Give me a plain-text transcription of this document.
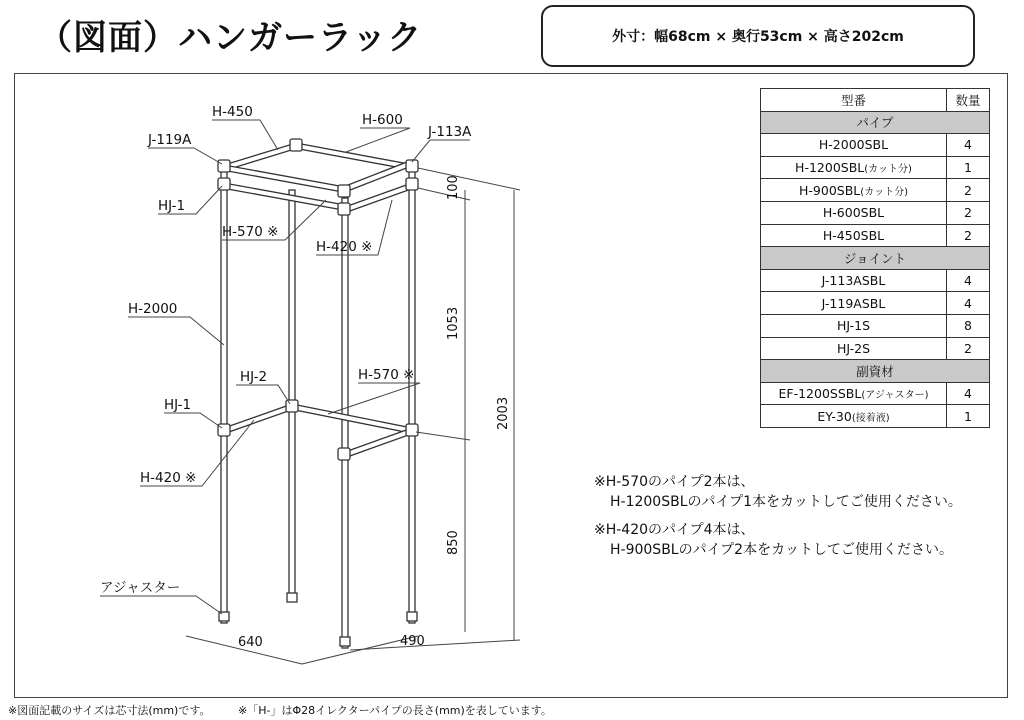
（図面）ハンガーラック	外寸：幅68cm × 奥行53cm × 高さ202cm
H-450	H-600
J-119A	J-113A
HJ-1
H-570 ※
H-420 ※
H-2000
HJ-2	H-570 ※
HJ-1
H-420 ※
アジャスター
100
1053
2003
850
640	490
型番	数量
パイプ	
H-2000SBL	4
H-1200SBL(カット分)	1
H-900SBL(カット分)	2
H-600SBL	2
H-450SBL	2
ジョイント	
J-113ASBL	4
J-119ASBL	4
HJ-1S	8
HJ-2S	2
副資材	
EF-1200SSBL(アジャスター)	4
EY-30(接着液)	1
※H-570のパイプ2本は、
H-1200SBLのパイプ1本をカットしてご使用ください。
※H-420のパイプ4本は、
H-900SBLのパイプ2本をカットしてご使用ください。
※図面記載のサイズは芯寸法(mm)です。	※「H-」はΦ28イレクターパイプの長さ(mm)を表しています。
